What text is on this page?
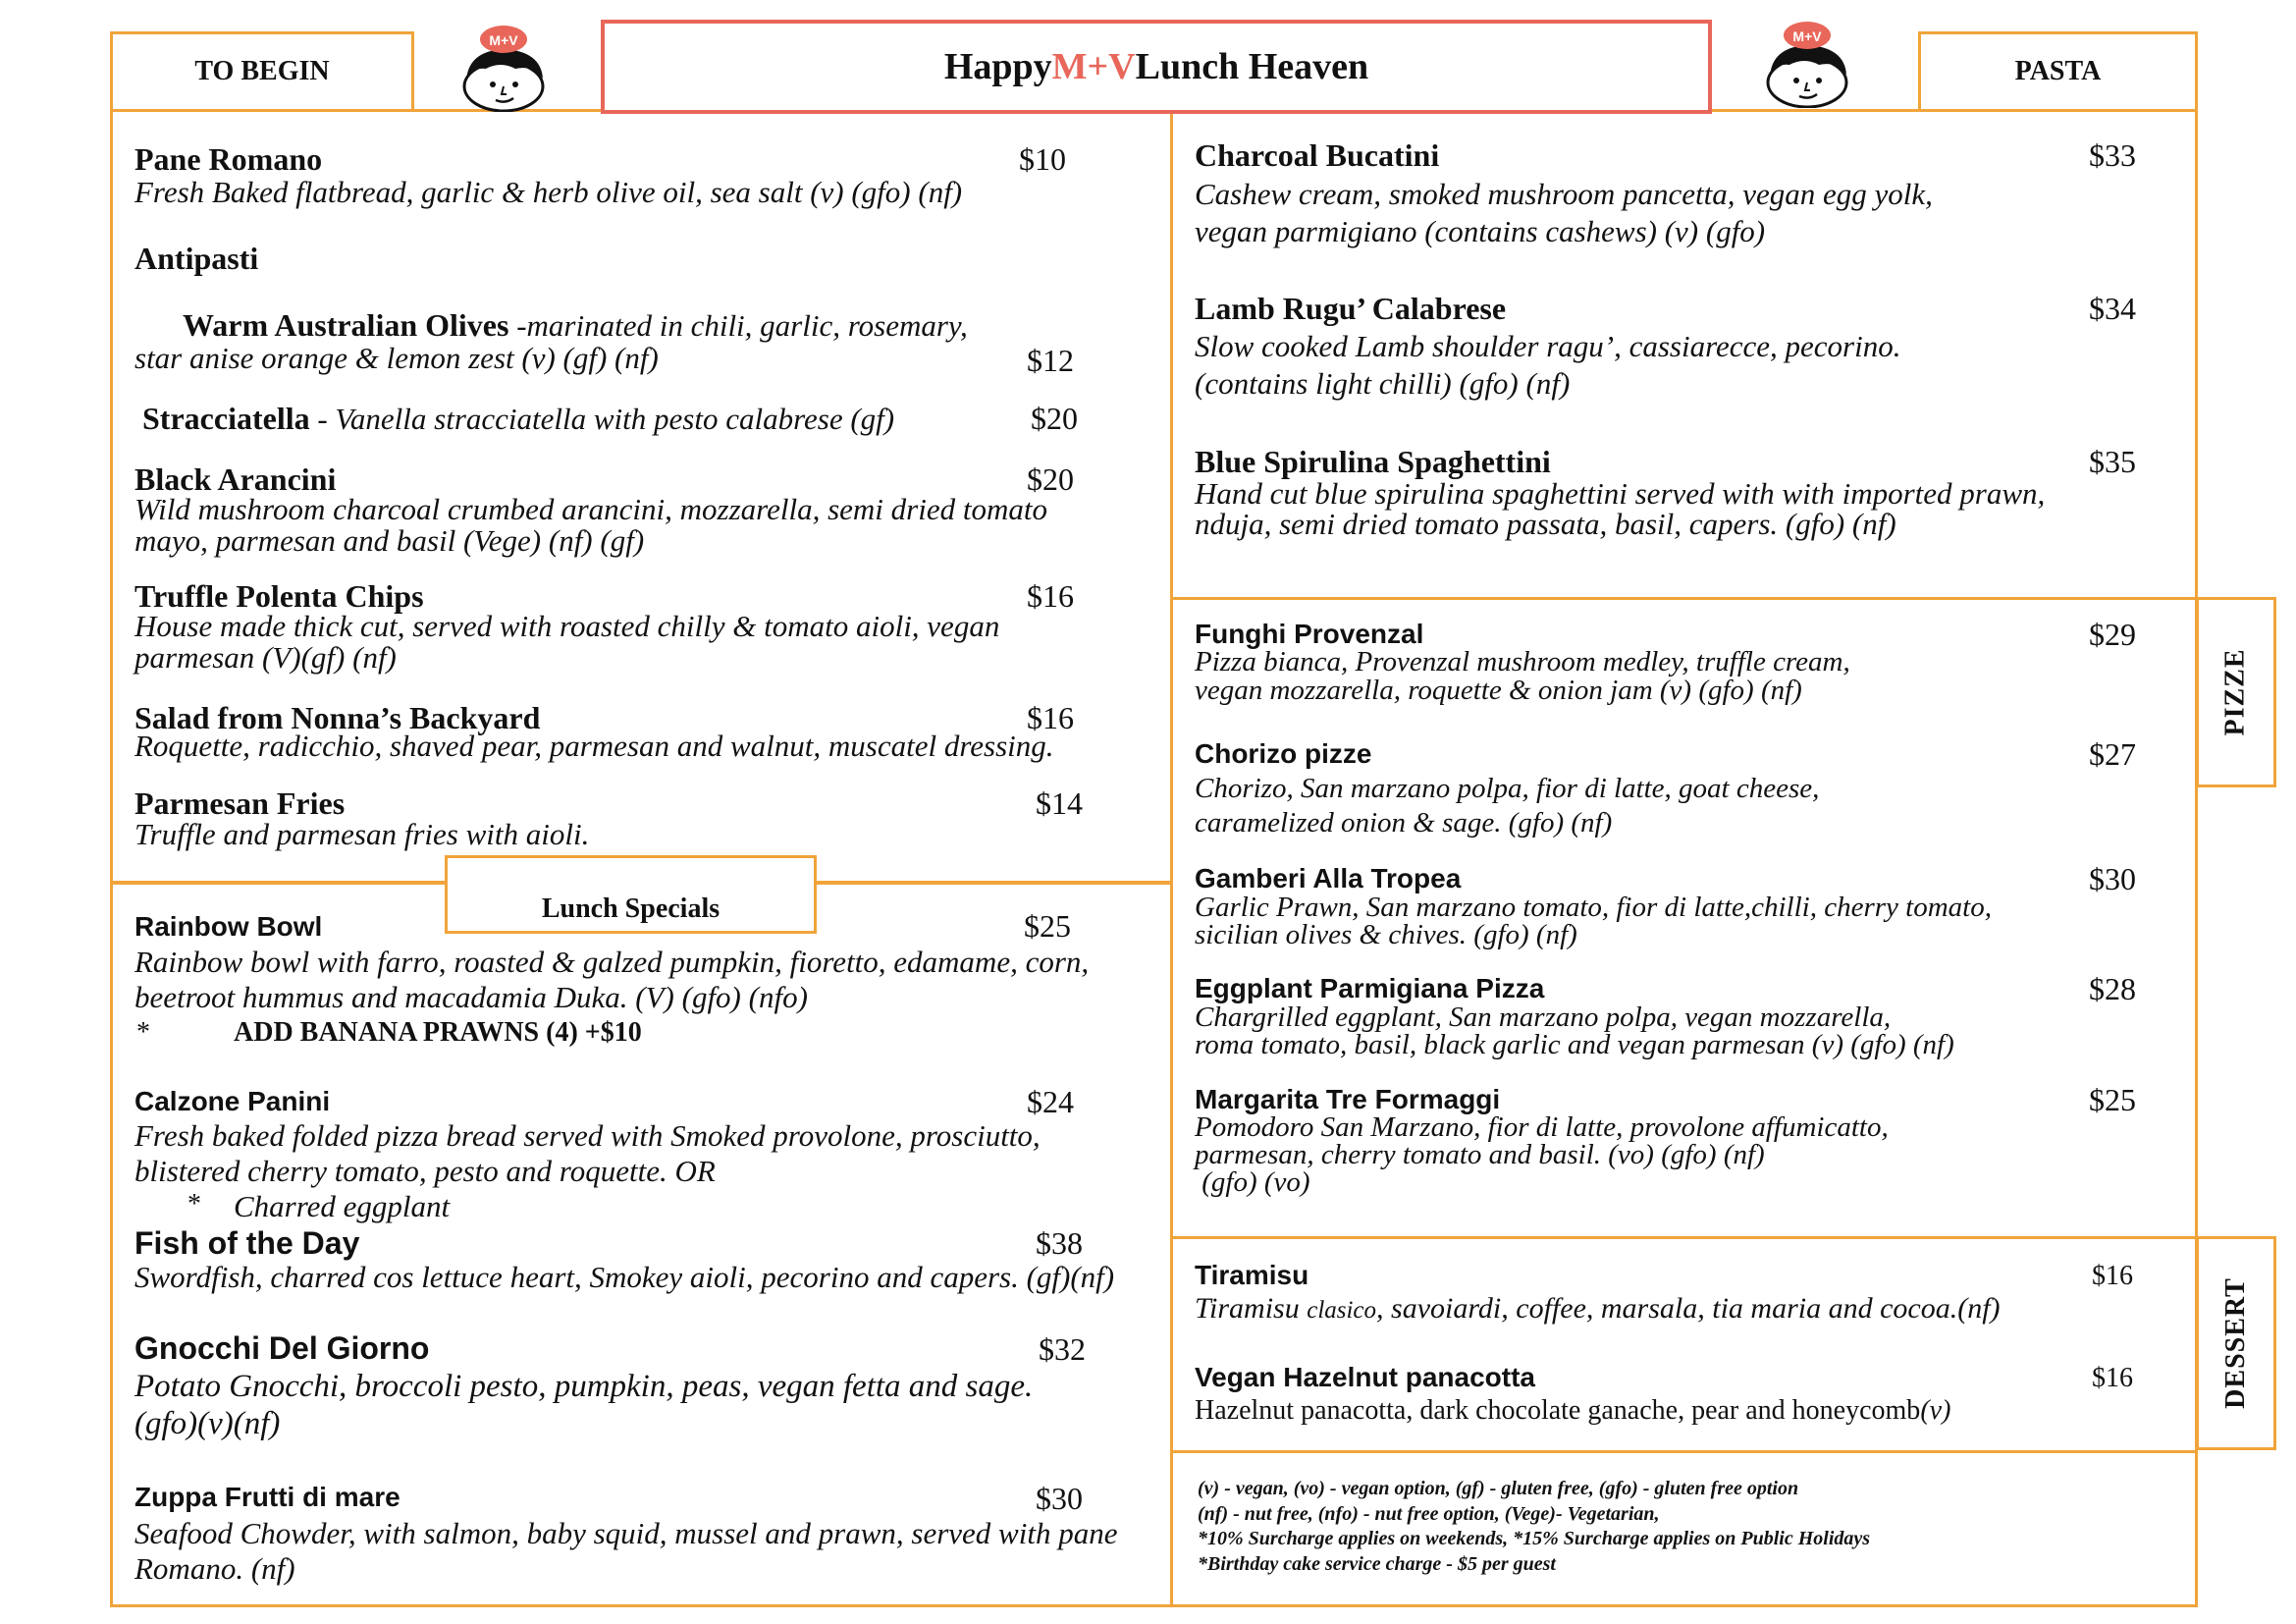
TO BEGIN
M+V
Happy M+V Lunch Heaven
M+V
PASTA
Pane Romano	$10
Fresh Baked flatbread, garlic & herb olive oil, sea salt (v) (gfo) (nf)
Antipasti
Warm Australian Olives -marinated in chili, garlic, rosemary,
star anise orange & lemon zest (v) (gf) (nf)	$12
Stracciatella - Vanella stracciatella with pesto calabrese (gf)	$20
Black Arancini	$20
Wild mushroom charcoal crumbed arancini, mozzarella, semi dried tomato
mayo, parmesan and basil (Vege) (nf) (gf)
Truffle Polenta Chips	$16
House made thick cut, served with roasted chilly & tomato aioli, vegan
parmesan (V)(gf) (nf)
Salad from Nonna’s Backyard	$16
Roquette, radicchio, shaved pear, parmesan and walnut, muscatel dressing.
Parmesan Fries	$14
Truffle and parmesan fries with aioli.
Lunch Specials
Rainbow Bowl	$25
Rainbow bowl with farro, roasted & galzed pumpkin, fioretto, edamame, corn,
beetroot hummus and macadamia Duka. (V) (gfo) (nfo)
*	ADD BANANA PRAWNS (4) +$10
Calzone Panini	$24
Fresh baked folded pizza bread served with Smoked provolone, prosciutto,
blistered cherry tomato, pesto and roquette. OR
* Charred eggplant
Fish of the Day	$38
Swordfish, charred cos lettuce heart, Smokey aioli, pecorino and capers. (gf)(nf)
Gnocchi Del Giorno	$32
Potato Gnocchi, broccoli pesto, pumpkin, peas, vegan fetta and sage.
(gfo)(v)(nf)
Zuppa Frutti di mare	$30
Seafood Chowder, with salmon, baby squid, mussel and prawn, served with pane
Romano. (nf)
Charcoal Bucatini	$33
Cashew cream, smoked mushroom pancetta, vegan egg yolk,
vegan parmigiano (contains cashews) (v) (gfo)
Lamb Rugu’ Calabrese	$34
Slow cooked Lamb shoulder ragu’, cassiarecce, pecorino.
(contains light chilli) (gfo) (nf)
Blue Spirulina Spaghettini	$35
Hand cut blue spirulina spaghettini served with with imported prawn,
nduja, semi dried tomato passata, basil, capers. (gfo) (nf)
PIZZE
Funghi Provenzal	$29
Pizza bianca, Provenzal mushroom medley, truffle cream,
vegan mozzarella, roquette & onion jam (v) (gfo) (nf)
Chorizo pizze	$27
Chorizo, San marzano polpa, fior di latte, goat cheese,
caramelized onion & sage. (gfo) (nf)
Gamberi Alla Tropea	$30
Garlic Prawn, San marzano tomato, fior di latte,chilli, cherry tomato,
sicilian olives & chives. (gfo) (nf)
Eggplant Parmigiana Pizza	$28
Chargrilled eggplant, San marzano polpa, vegan mozzarella,
roma tomato, basil, black garlic and vegan parmesan (v) (gfo) (nf)
Margarita Tre Formaggi	$25
Pomodoro San Marzano, fior di latte, provolone affumicatto,
parmesan, cherry tomato and basil. (vo) (gfo) (nf)
(gfo) (vo)
DESSERT
Tiramisu	$16
Tiramisu clasico, savoiardi, coffee, marsala, tia maria and cocoa.(nf)
Vegan Hazelnut panacotta	$16
Hazelnut panacotta, dark chocolate ganache, pear and honeycomb(v)
(v) - vegan, (vo) - vegan option, (gf) - gluten free, (gfo) - gluten free option
(nf) - nut free, (nfo) - nut free option, (Vege)- Vegetarian,
*10% Surcharge applies on weekends, *15% Surcharge applies on Public Holidays
*Birthday cake service charge - $5 per guest
